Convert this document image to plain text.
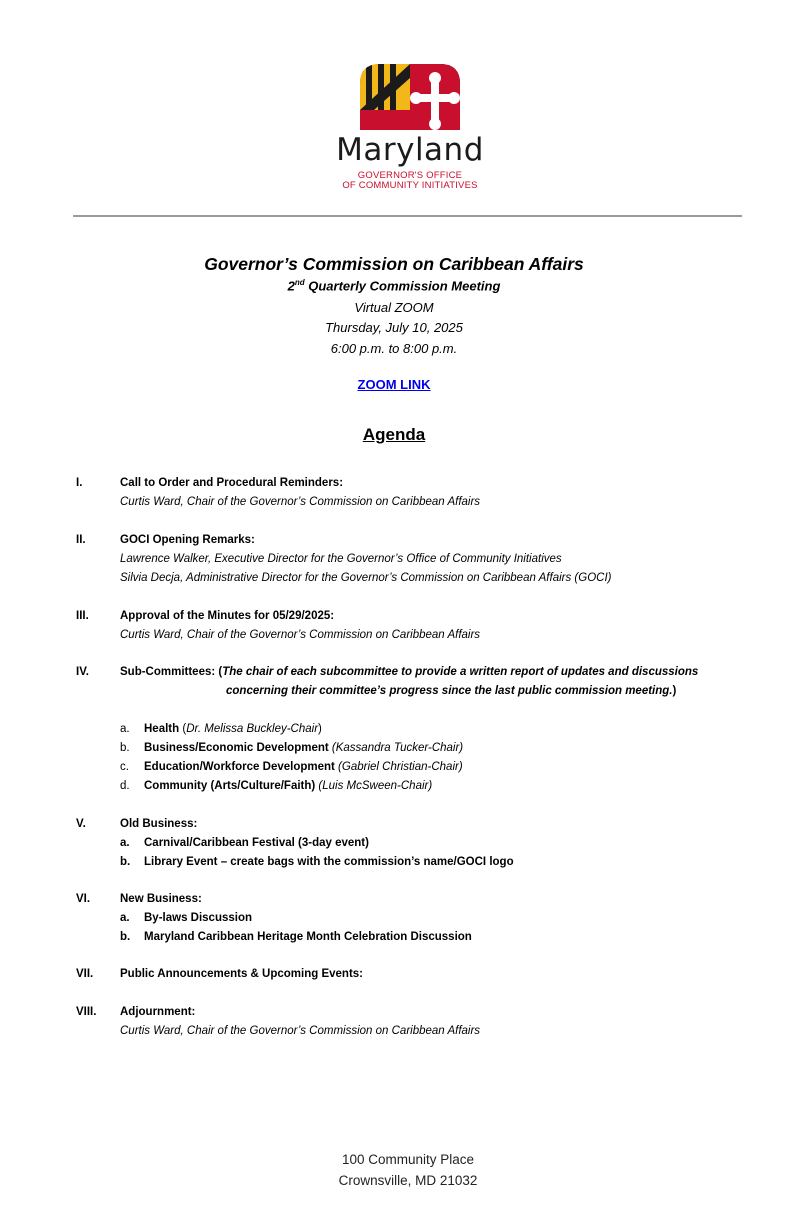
Maryland
GOVERNOR'S OFFICE
OF COMMUNITY INITIATIVES
Governor’s Commission on Caribbean Affairs
2nd Quarterly Commission Meeting
Virtual ZOOM
Thursday, July 10, 2025
6:00 p.m. to 8:00 p.m.
ZOOM LINK
Agenda
I.	Call to Order and Procedural Reminders:
Curtis Ward, Chair of the Governor’s Commission on Caribbean Affairs
II.	GOCI Opening Remarks:
Lawrence Walker, Executive Director for the Governor’s Office of Community Initiatives
Silvia Decja, Administrative Director for the Governor’s Commission on Caribbean Affairs (GOCI)
III.	Approval of the Minutes for 05/29/2025:
Curtis Ward, Chair of the Governor’s Commission on Caribbean Affairs
IV.	Sub-Committees: (The chair of each subcommittee to provide a written report of updates and discussions
concerning their committee’s progress since the last public commission meeting.)
a. Health (Dr. Melissa Buckley-Chair)
b. Business/Economic Development (Kassandra Tucker-Chair)
c. Education/Workforce Development (Gabriel Christian-Chair)
d. Community (Arts/Culture/Faith) (Luis McSween-Chair)
V.	Old Business:
a. Carnival/Caribbean Festival (3-day event)
b. Library Event – create bags with the commission’s name/GOCI logo
VI.	New Business:
a. By-laws Discussion
b. Maryland Caribbean Heritage Month Celebration Discussion
VII. Public Announcements & Upcoming Events:
VIII. Adjournment:
Curtis Ward, Chair of the Governor’s Commission on Caribbean Affairs
100 Community Place
Crownsville, MD 21032
